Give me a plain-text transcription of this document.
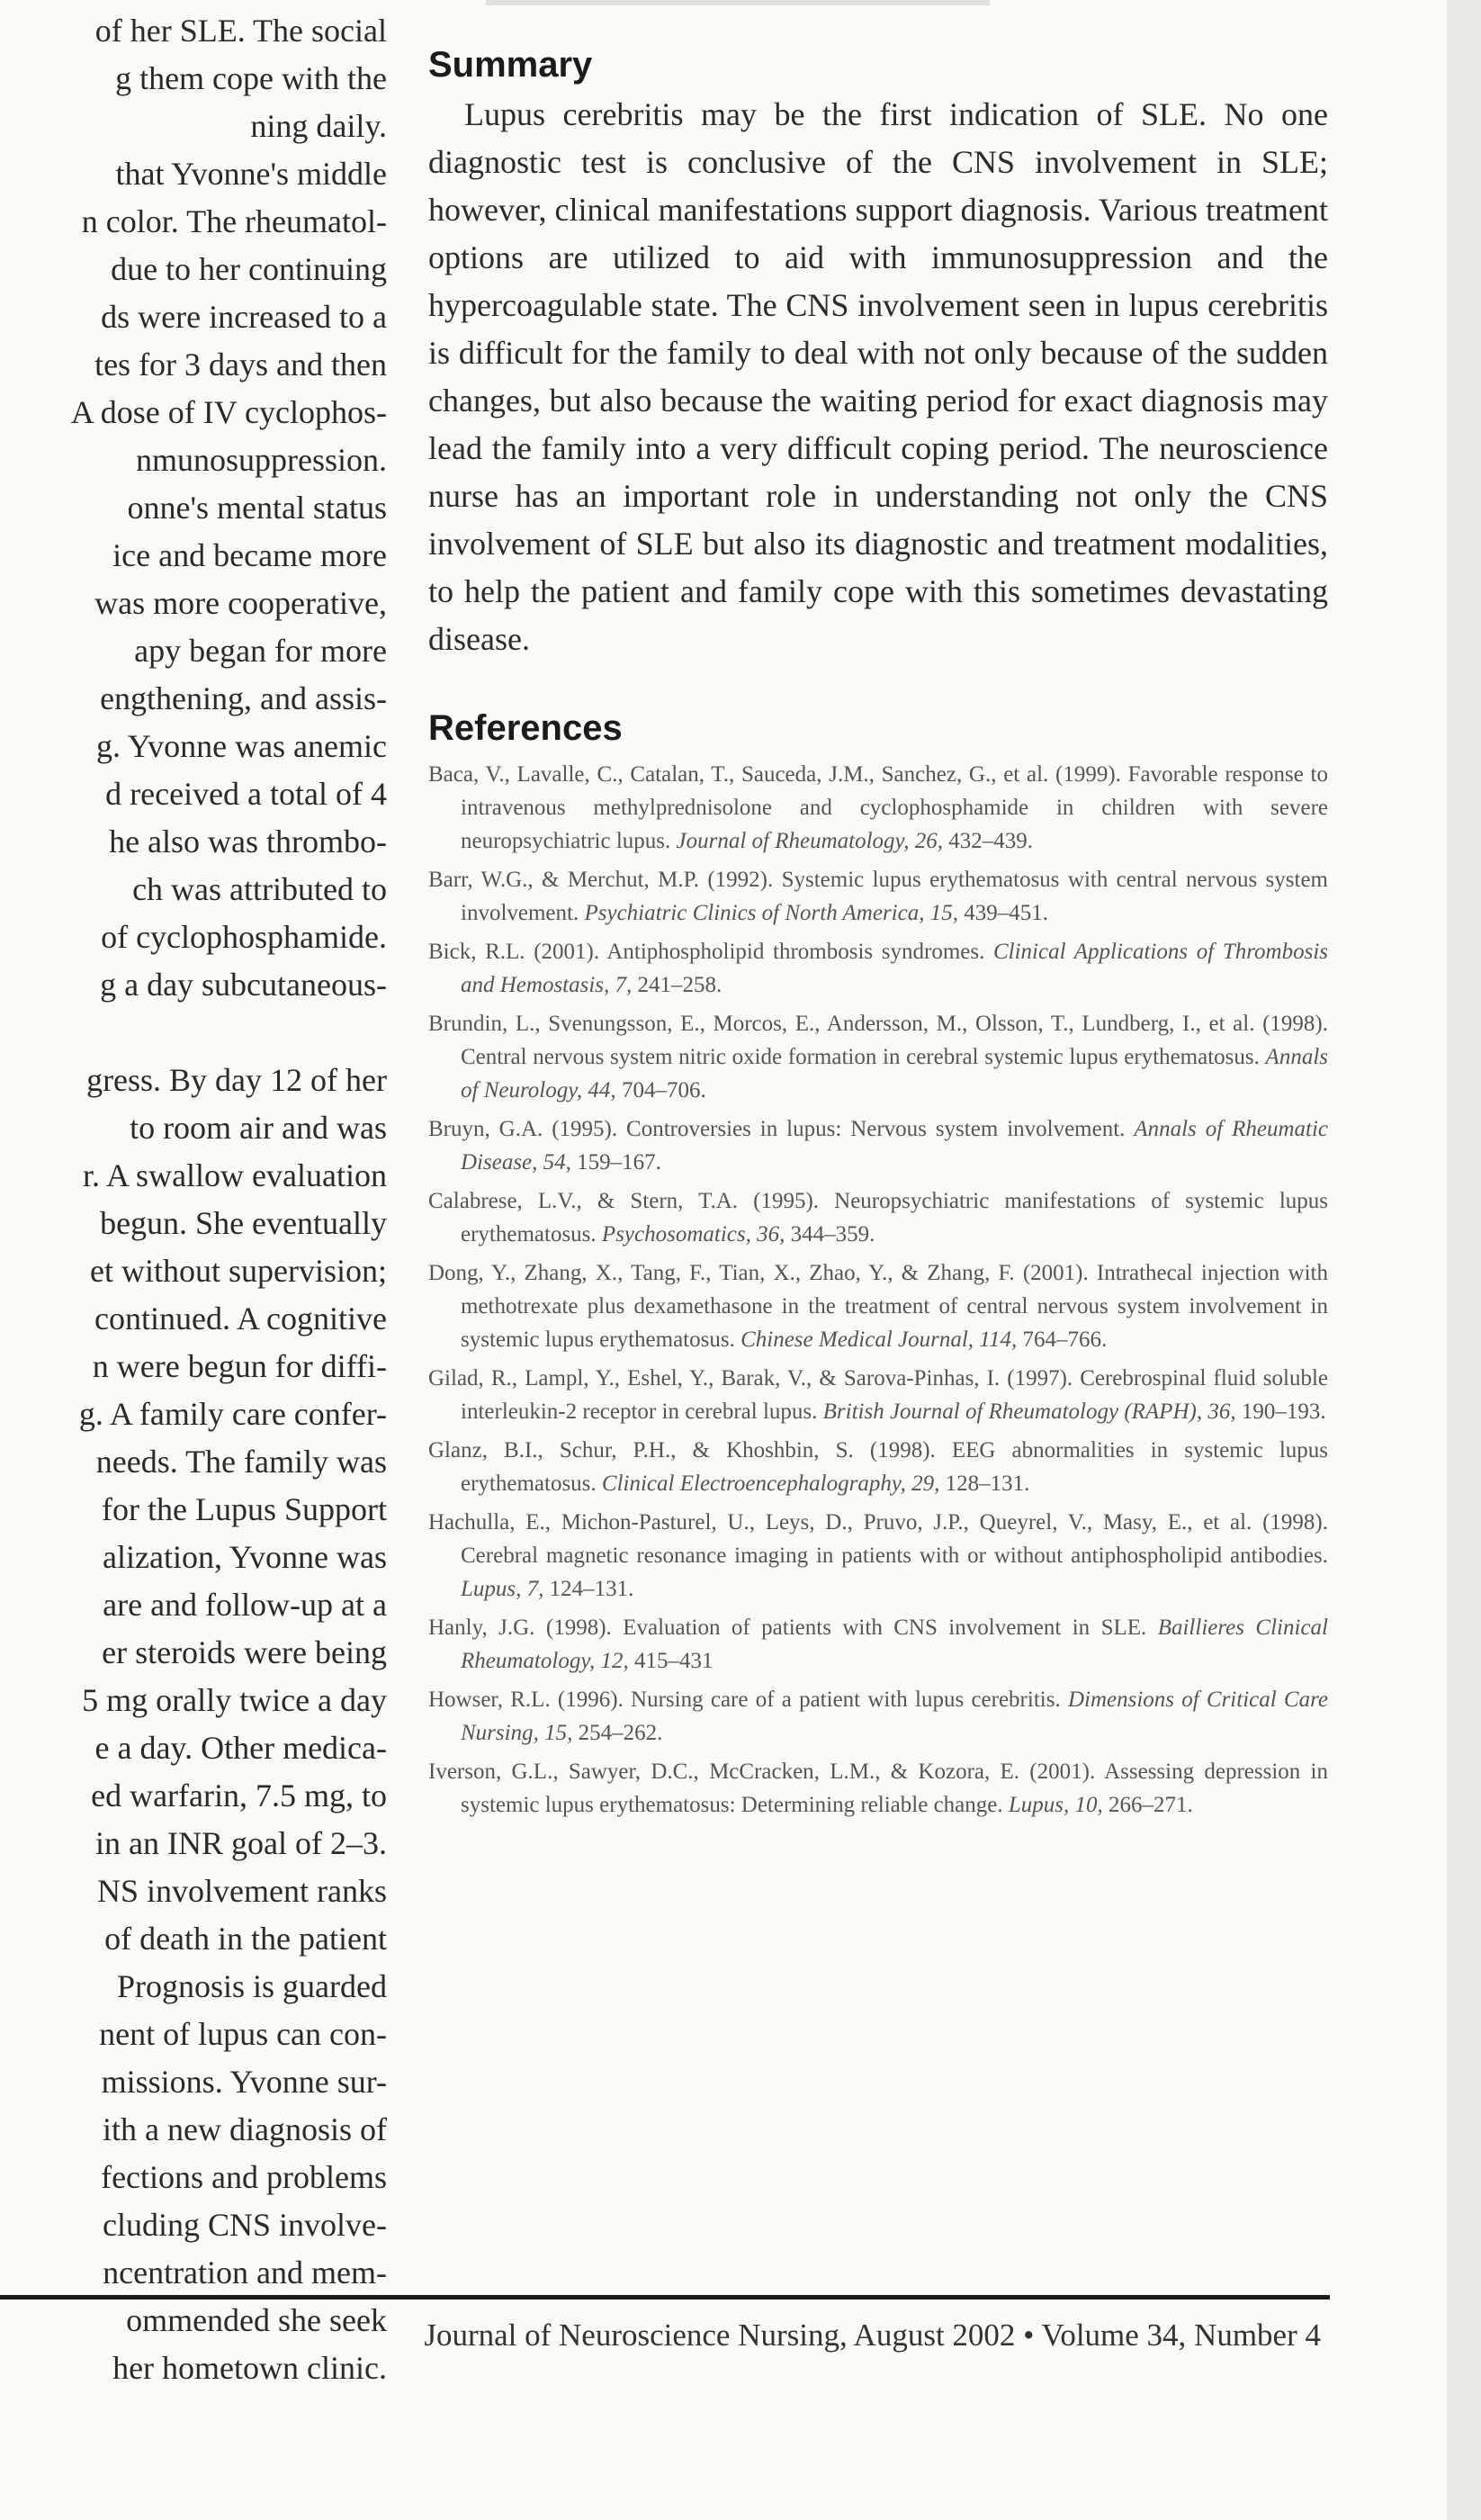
of her SLE. The social
g them cope with the
ning daily.
that Yvonne's middle
n color. The rheumatol-
due to her continuing
ds were increased to a
tes for 3 days and then
A dose of IV cyclophos-
nmunosuppression.
onne's mental status
ice and became more
was more cooperative,
apy began for more
engthening, and assis-
g. Yvonne was anemic
d received a total of 4
he also was thrombo-
ch was attributed to
of cyclophosphamide.
g a day subcutaneous-

gress. By day 12 of her
to room air and was
r. A swallow evaluation
begun. She eventually
et without supervision;
continued. A cognitive
n were begun for diffi-
g. A family care confer-
needs. The family was
for the Lupus Support
alization, Yvonne was
are and follow-up at a
er steroids were being
5 mg orally twice a day
e a day. Other medica-
ed warfarin, 7.5 mg, to
in an INR goal of 2–3.
NS involvement ranks
of death in the patient
Prognosis is guarded
nent of lupus can con-
missions. Yvonne sur-
ith a new diagnosis of
fections and problems
cluding CNS involve-
ncentration and mem-
ommended she seek
her hometown clinic.
Summary

Lupus cerebritis may be the first indication of SLE. No one diagnostic test is conclusive of the CNS involvement in SLE; however, clinical manifestations support diagnosis. Various treatment options are utilized to aid with immunosuppression and the hypercoagulable state. The CNS involvement seen in lupus cerebritis is difficult for the family to deal with not only because of the sudden changes, but also because the waiting period for exact diagnosis may lead the family into a very difficult coping period. The neuroscience nurse has an important role in understanding not only the CNS involvement of SLE but also its diagnostic and treatment modalities, to help the patient and family cope with this sometimes devastating disease.

References
Baca, V., Lavalle, C., Catalan, T., Sauceda, J.M., Sanchez, G., et al. (1999). Favorable response to intravenous methylprednisolone and cyclophosphamide in children with severe neuropsychiatric lupus. Journal of Rheumatology, 26, 432–439.
Barr, W.G., & Merchut, M.P. (1992). Systemic lupus erythematosus with central nervous system involvement. Psychiatric Clinics of North America, 15, 439–451.
Bick, R.L. (2001). Antiphospholipid thrombosis syndromes. Clinical Applications of Thrombosis and Hemostasis, 7, 241–258.
Brundin, L., Svenungsson, E., Morcos, E., Andersson, M., Olsson, T., Lundberg, I., et al. (1998). Central nervous system nitric oxide formation in cerebral systemic lupus erythematosus. Annals of Neurology, 44, 704–706.
Bruyn, G.A. (1995). Controversies in lupus: Nervous system involvement. Annals of Rheumatic Disease, 54, 159–167.
Calabrese, L.V., & Stern, T.A. (1995). Neuropsychiatric manifestations of systemic lupus erythematosus. Psychosomatics, 36, 344–359.
Dong, Y., Zhang, X., Tang, F., Tian, X., Zhao, Y., & Zhang, F. (2001). Intrathecal injection with methotrexate plus dexamethasone in the treatment of central nervous system involvement in systemic lupus erythematosus. Chinese Medical Journal, 114, 764–766.
Gilad, R., Lampl, Y., Eshel, Y., Barak, V., & Sarova-Pinhas, I. (1997). Cerebrospinal fluid soluble interleukin-2 receptor in cerebral lupus. British Journal of Rheumatology (RAPH), 36, 190–193.
Glanz, B.I., Schur, P.H., & Khoshbin, S. (1998). EEG abnormalities in systemic lupus erythematosus. Clinical Electroencephalography, 29, 128–131.
Hachulla, E., Michon-Pasturel, U., Leys, D., Pruvo, J.P., Queyrel, V., Masy, E., et al. (1998). Cerebral magnetic resonance imaging in patients with or without antiphospholipid antibodies. Lupus, 7, 124–131.
Hanly, J.G. (1998). Evaluation of patients with CNS involvement in SLE. Baillieres Clinical Rheumatology, 12, 415–431
Howser, R.L. (1996). Nursing care of a patient with lupus cerebritis. Dimensions of Critical Care Nursing, 15, 254–262.
Iverson, G.L., Sawyer, D.C., McCracken, L.M., & Kozora, E. (2001). Assessing depression in systemic lupus erythematosus: Determining reliable change. Lupus, 10, 266–271.
Journal of Neuroscience Nursing, August 2002 • Volume 34, Number 4
